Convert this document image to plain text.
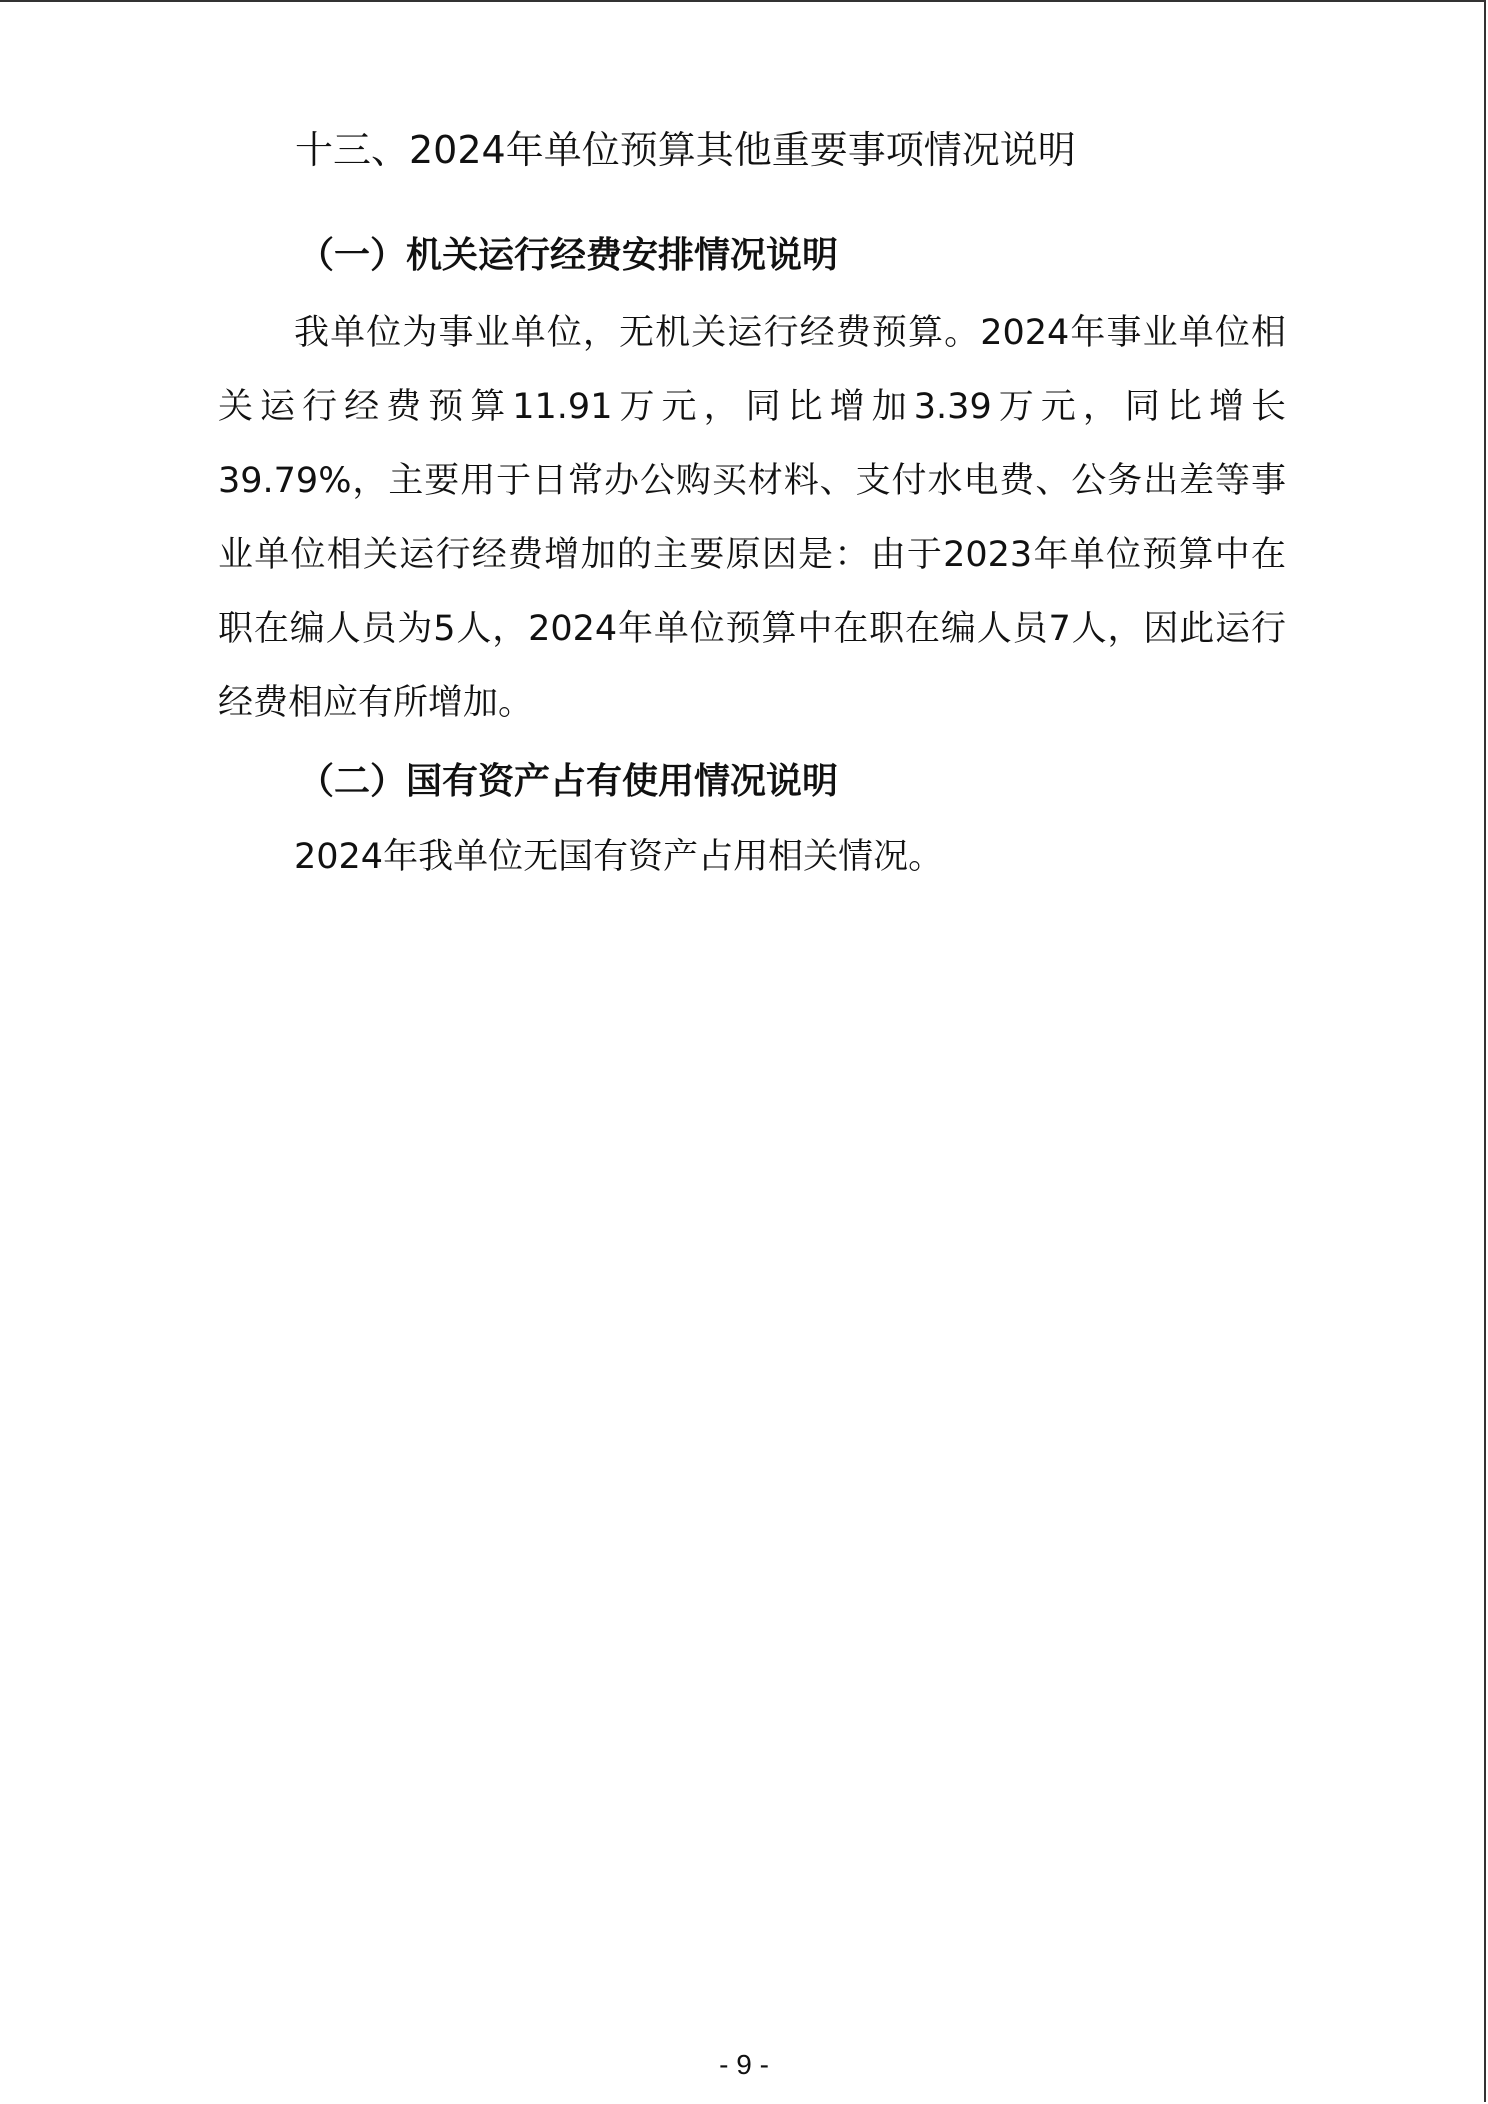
十三、2024年单位预算其他重要事项情况说明
（一）机关运行经费安排情况说明
我单位为事业单位，无机关运行经费预算。2024年事业单位相关运行经费预算11.91万元，同比增加3.39万元，同比增长39.79%，主要用于日常办公购买材料、支付水电费、公务出差等事业单位相关运行经费增加的主要原因是：由于2023年单位预算中在职在编人员为5人，2024年单位预算中在职在编人员7人，因此运行经费相应有所增加。
（二）国有资产占有使用情况说明
2024年我单位无国有资产占用相关情况。
- 9 -
